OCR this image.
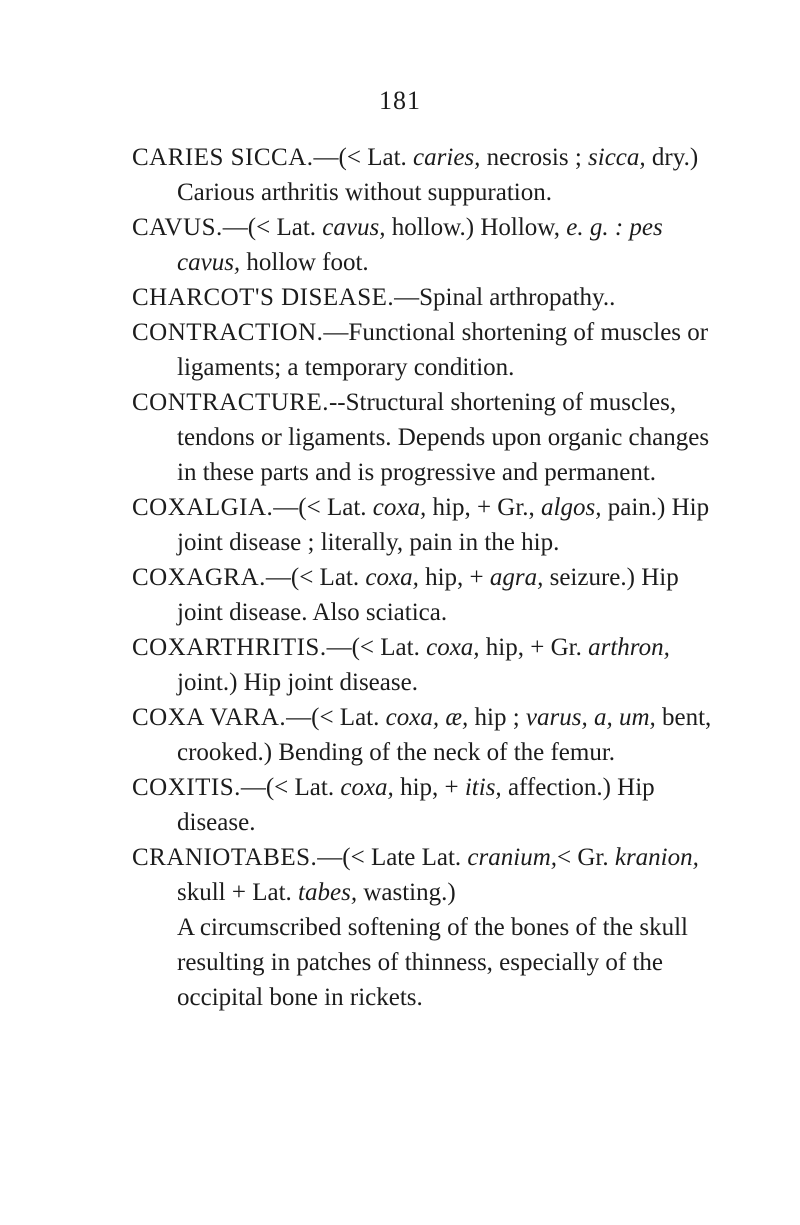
181

CARIES SICCA.—(< Lat. caries, necrosis ; sicca, dry.) Carious arthritis without suppuration.

CAVUS.—(< Lat. cavus, hollow.) Hollow, e. g. : pes cavus, hollow foot.

CHARCOT'S DISEASE.—Spinal arthropathy..

CONTRACTION.—Functional shortening of muscles or ligaments; a temporary condition.

CONTRACTURE.--Structural shortening of muscles, tendons or ligaments. Depends upon organic changes in these parts and is progressive and permanent.

COXALGIA.—(< Lat. coxa, hip, + Gr., algos, pain.) Hip joint disease ; literally, pain in the hip.

COXAGRA.—(< Lat. coxa, hip, + agra, seizure.) Hip joint disease. Also sciatica.

COXARTHRITIS.—(< Lat. coxa, hip, + Gr. arthron, joint.) Hip joint disease.

COXA VARA.—(< Lat. coxa, æ, hip ; varus, a, um, bent, crooked.) Bending of the neck of the femur.

COXITIS.—(< Lat. coxa, hip, + itis, affection.) Hip disease.

CRANIOTABES.—(< Late Lat. cranium,< Gr. kranion, skull + Lat. tabes, wasting.)

A circumscribed softening of the bones of the skull resulting in patches of thinness, especially of the occipital bone in rickets.
